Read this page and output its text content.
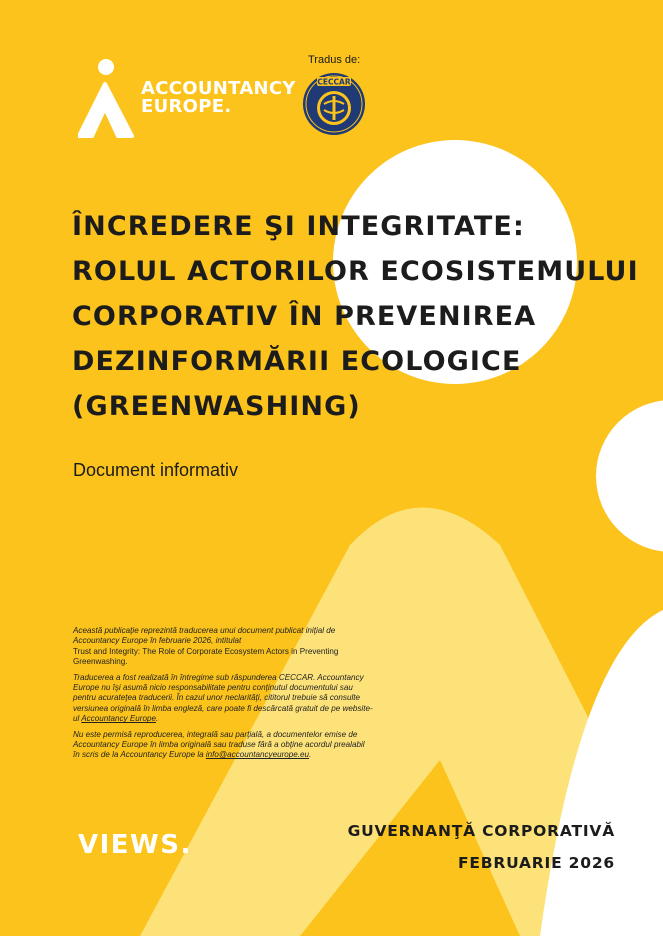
ACCOUNTANCY
EUROPE.
Tradus de:
CECCAR
ÎNCREDERE ŞI INTEGRITATE:
ROLUL ACTORILOR ECOSISTEMULUI
CORPORATIV ÎN PREVENIREA
DEZINFORMĂRII ECOLOGICE
(GREENWASHING)
Document informativ

Această publicaţie reprezintă traducerea unui document publicat iniţial de Accountancy Europe în februarie 2026, intitulat
Trust and Integrity: The Role of Corporate Ecosystem Actors in Preventing Greenwashing.

Traducerea a fost realizată în întregime sub răspunderea CECCAR. Accountancy Europe nu îşi asumă nicio responsabilitate pentru conţinutul documentului sau pentru acurateţea traducerii. În cazul unor neclarităţi, cititorul trebuie să consulte versiunea originală în limba engleză, care poate fi descărcată gratuit de pe website-ul Accountancy Europe.

Nu este permisă reproducerea, integrală sau parţială, a documentelor emise de Accountancy Europe în limba originală sau traduse fără a obţine acordul prealabil în scris de la Accountancy Europe la info@accountancyeurope.eu.

VIEWS.	GUVERNANŢĂ CORPORATIVĂ
FEBRUARIE 2026
